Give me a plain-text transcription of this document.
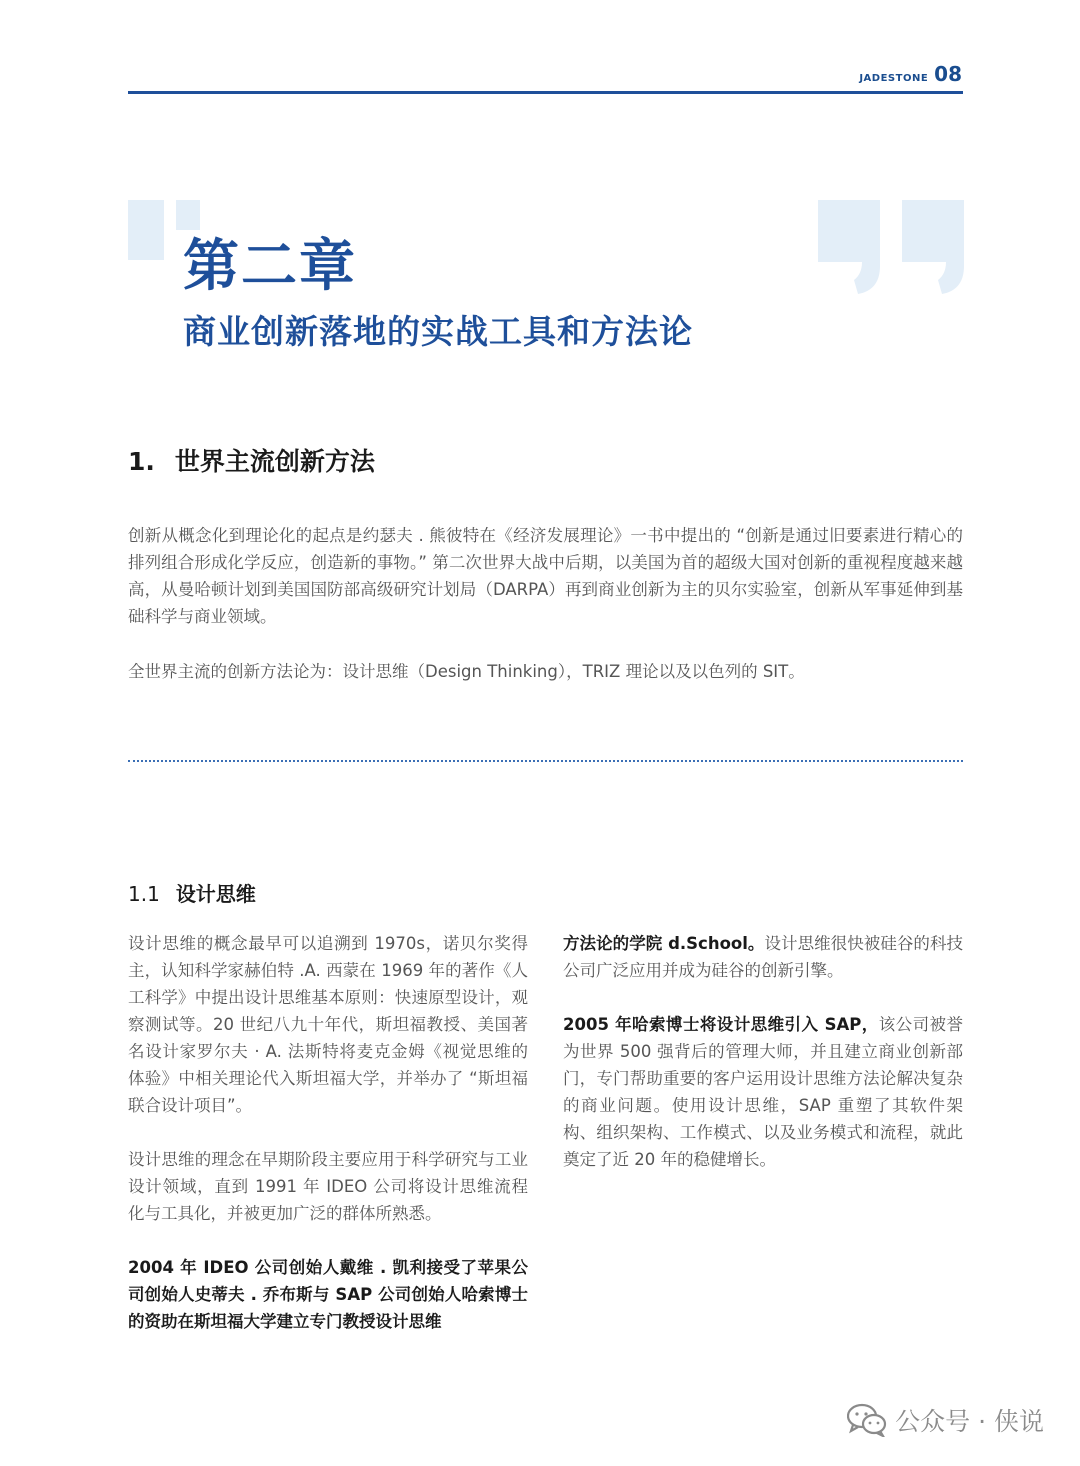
JADESTONE 08
第二章
商业创新落地的实战工具和方法论
1. 世界主流创新方法

创新从概念化到理论化的起点是约瑟夫 . 熊彼特在《经济发展理论》一书中提出的 “创新是通过旧要素进行精心的排列组合形成化学反应，创造新的事物。” 第二次世界大战中后期，以美国为首的超级大国对创新的重视程度越来越高，从曼哈顿计划到美国国防部高级研究计划局（DARPA）再到商业创新为主的贝尔实验室，创新从军事延伸到基础科学与商业领域。

全世界主流的创新方法论为：设计思维（Design Thinking），TRIZ 理论以及以色列的 SIT。

1.1 设计思维

设计思维的概念最早可以追溯到 1970s，诺贝尔奖得主，认知科学家赫伯特 .A. 西蒙在 1969 年的著作《人工科学》中提出设计思维基本原则：快速原型设计，观察测试等。20 世纪八九十年代，斯坦福教授、美国著名设计家罗尔夫 · A. 法斯特将麦克金姆《视觉思维的体验》中相关理论代入斯坦福大学，并举办了 “斯坦福联合设计项目”。

设计思维的理念在早期阶段主要应用于科学研究与工业设计领域，直到 1991 年 IDEO 公司将设计思维流程化与工具化，并被更加广泛的群体所熟悉。

2004 年 IDEO 公司创始人戴维 . 凯利接受了苹果公司创始人史蒂夫 . 乔布斯与 SAP 公司创始人哈索博士的资助在斯坦福大学建立专门教授设计思维

方法论的学院 d.School。设计思维很快被硅谷的科技公司广泛应用并成为硅谷的创新引擎。

2005 年哈索博士将设计思维引入 SAP，该公司被誉为世界 500 强背后的管理大师，并且建立商业创新部门，专门帮助重要的客户运用设计思维方法论解决复杂的商业问题。使用设计思维，SAP 重塑了其软件架构、组织架构、工作模式、以及业务模式和流程，就此奠定了近 20 年的稳健增长。

公众号 · 侠说
